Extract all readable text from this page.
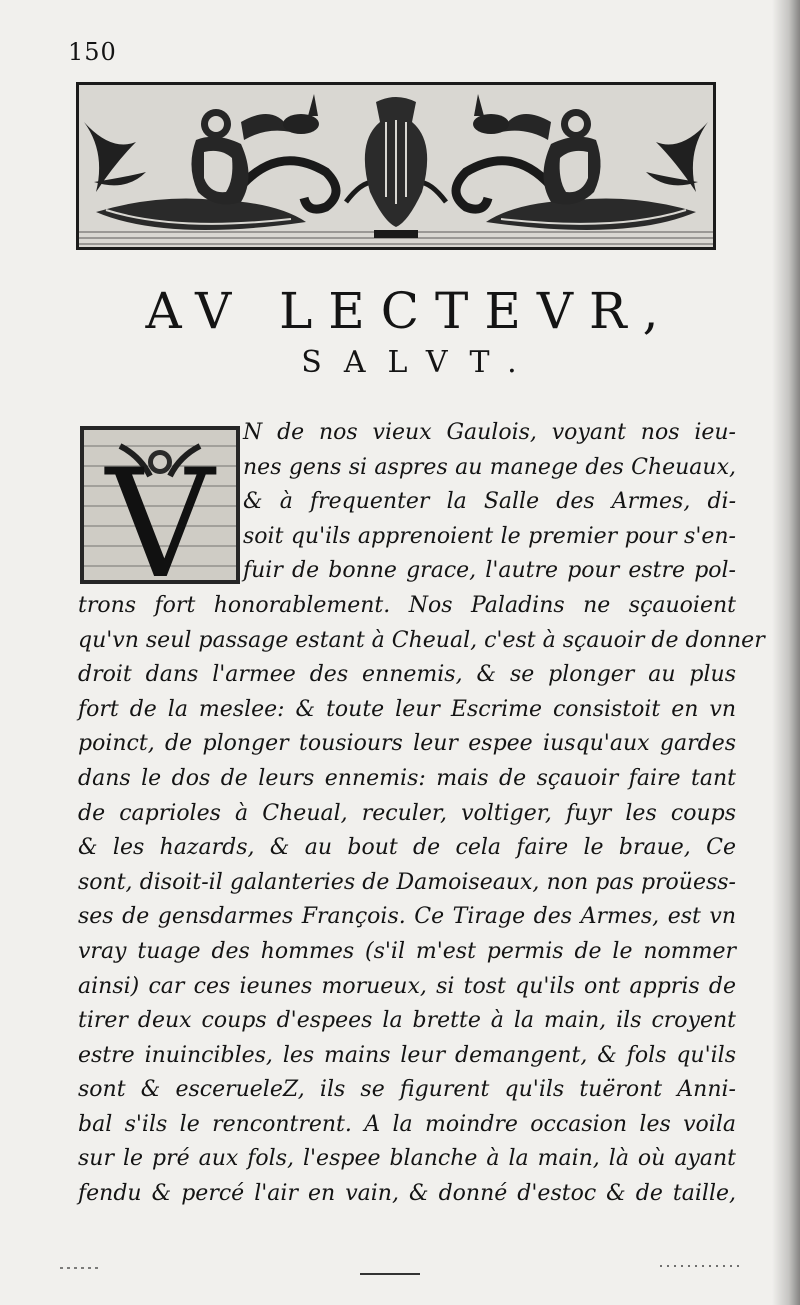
150
AV LECTEVR,
SALVT.
V
N de nos vieux Gaulois, voyant nos ieu-
nes gens si aspres au manege des Cheuaux,
& à frequenter la Salle des Armes, di-
soit qu'ils apprenoient le premier pour s'en-
fuir de bonne grace, l'autre pour estre pol-
trons fort honorablement. Nos Paladins ne sçauoient
qu'vn seul passage estant à Cheual, c'est à sçauoir de donner
droit dans l'armee des ennemis, & se plonger au plus
fort de la meslee: & toute leur Escrime consistoit en vn
poinct, de plonger tousiours leur espee iusqu'aux gardes
dans le dos de leurs ennemis: mais de sçauoir faire tant
de caprioles à Cheual, reculer, voltiger, fuyr les coups
& les hazards, & au bout de cela faire le braue, Ce
sont, disoit-il galanteries de Damoiseaux, non pas proüess-
ses de gensdarmes François. Ce Tirage des Armes, est vn
vray tuage des hommes (s'il m'est permis de le nommer
ainsi) car ces ieunes morueux, si tost qu'ils ont appris de
tirer deux coups d'espees la brette à la main, ils croyent
estre inuincibles, les mains leur demangent, & fols qu'ils
sont & escerueleZ, ils se figurent qu'ils tuëront Anni-
bal s'ils le rencontrent. A la moindre occasion les voila
sur le pré aux fols, l'espee blanche à la main, là où ayant
fendu & percé l'air en vain, & donné d'estoc & de taille,
